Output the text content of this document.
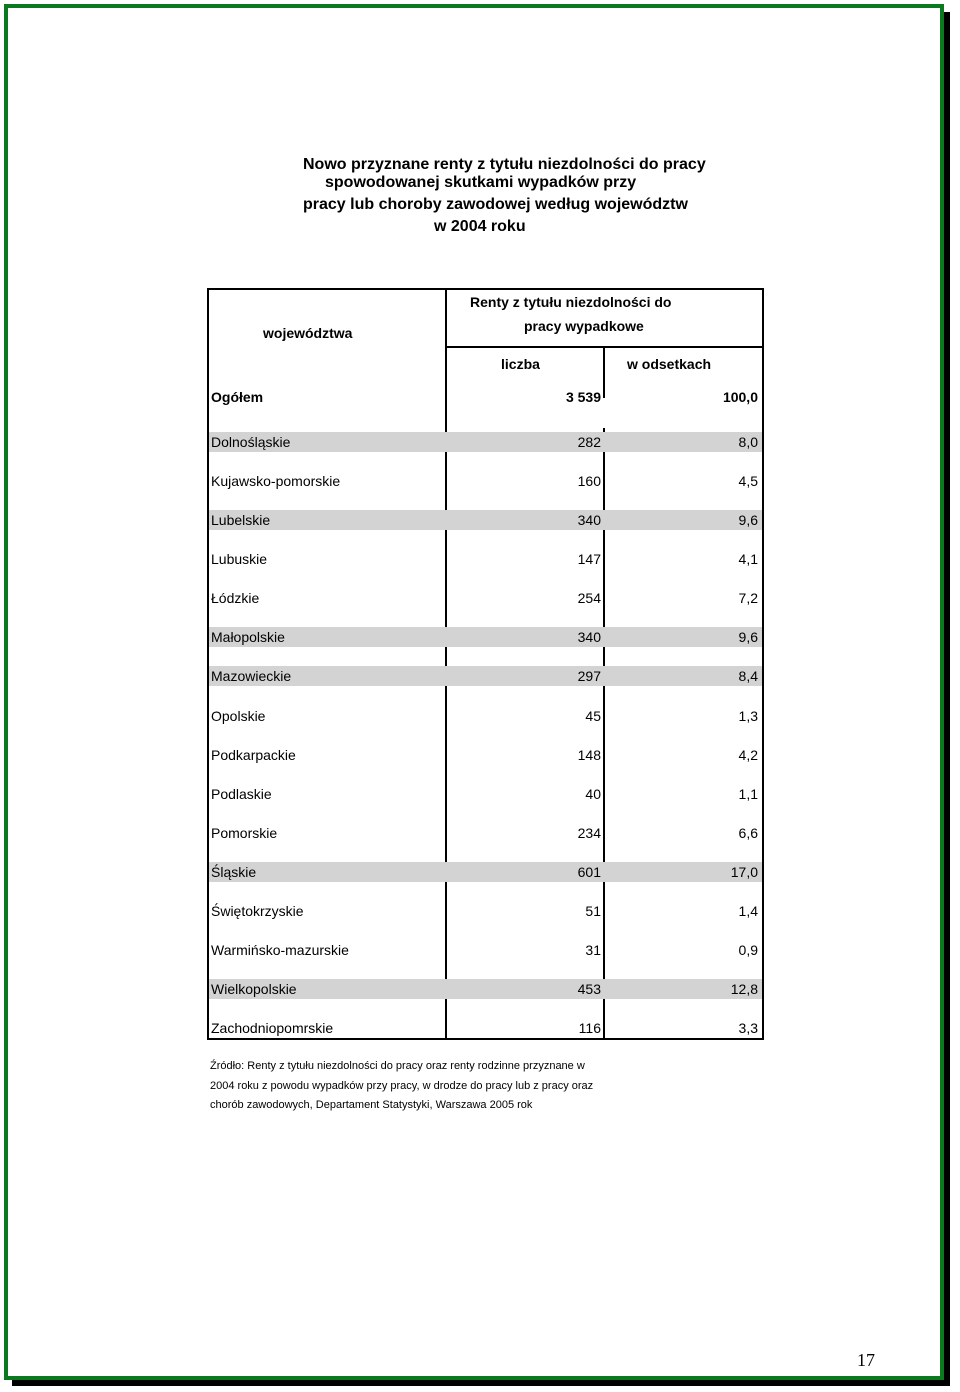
Nowo przyznane renty z tytułu niezdolności do pracy
spowodowanej skutkami wypadków przy
pracy lub choroby zawodowej według województw
w 2004 roku
województwa
Renty z tytułu niezdolności do
pracy wypadkowe
liczba	w odsetkach
Ogółem	3 539	100,0
Dolnośląskie	282	8,0
Kujawsko-pomorskie	160	4,5
Lubelskie	340	9,6
Lubuskie	147	4,1
Łódzkie	254	7,2
Małopolskie	340	9,6
Mazowieckie	297	8,4
Opolskie	45	1,3
Podkarpackie	148	4,2
Podlaskie	40	1,1
Pomorskie	234	6,6
Śląskie	601	17,0
Świętokrzyskie	51	1,4
Warmińsko-mazurskie	31	0,9
Wielkopolskie	453	12,8
Zachodniopomrskie	116	3,3
Źródło: Renty z tytułu niezdolności do pracy oraz renty rodzinne przyznane w
2004 roku z powodu wypadków przy pracy, w drodze do pracy lub z pracy oraz
chorób zawodowych, Departament Statystyki, Warszawa 2005 rok
17
